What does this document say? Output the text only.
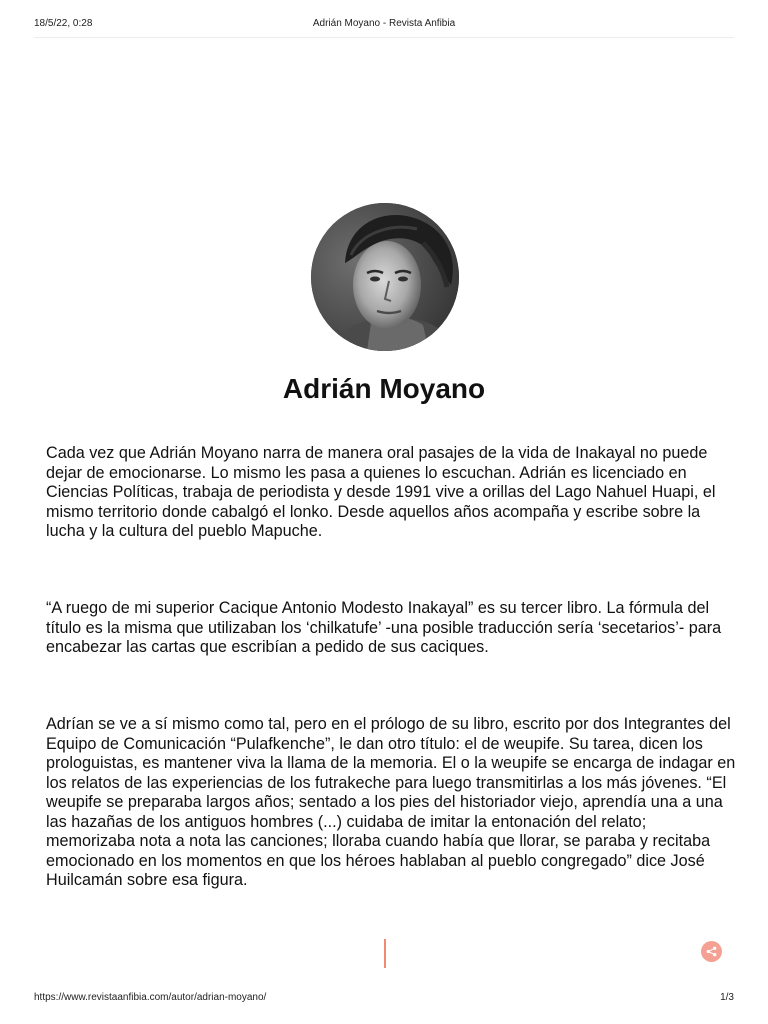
18/5/22, 0:28	Adrián Moyano - Revista Anfibia
Adrián Moyano

Cada vez que Adrián Moyano narra de manera oral pasajes de la vida de Inakayal no puede dejar de emocionarse. Lo mismo les pasa a quienes lo escuchan. Adrián es licenciado en Ciencias Políticas, trabaja de periodista y desde 1991 vive a orillas del Lago Nahuel Huapi, el mismo territorio donde cabalgó el lonko. Desde aquellos años acompaña y escribe sobre la lucha y la cultura del pueblo Mapuche.

“A ruego de mi superior Cacique Antonio Modesto Inakayal” es su tercer libro. La fórmula del título es la misma que utilizaban los ‘chilkatufe’ -una posible traducción sería ‘secetarios’- para encabezar las cartas que escribían a pedido de sus caciques.

Adrían se ve a sí mismo como tal, pero en el prólogo de su libro, escrito por dos Integrantes del Equipo de Comunicación “Pulafkenche”, le dan otro título: el de weupife. Su tarea, dicen los prologuistas, es mantener viva la llama de la memoria. El o la weupife se encarga de indagar en los relatos de las experiencias de los futrakeche para luego transmitirlas a los más jóvenes. “El weupife se preparaba largos años; sentado a los pies del historiador viejo, aprendía una a una las hazañas de los antiguos hombres (...) cuidaba de imitar la entonación del relato; memorizaba nota a nota las canciones; lloraba cuando había que llorar, se paraba y recitaba emocionado en los momentos en que los héroes hablaban al pueblo congregado” dice José Huilcamán sobre esa figura.

https://www.revistaanfibia.com/autor/adrian-moyano/	1/3
